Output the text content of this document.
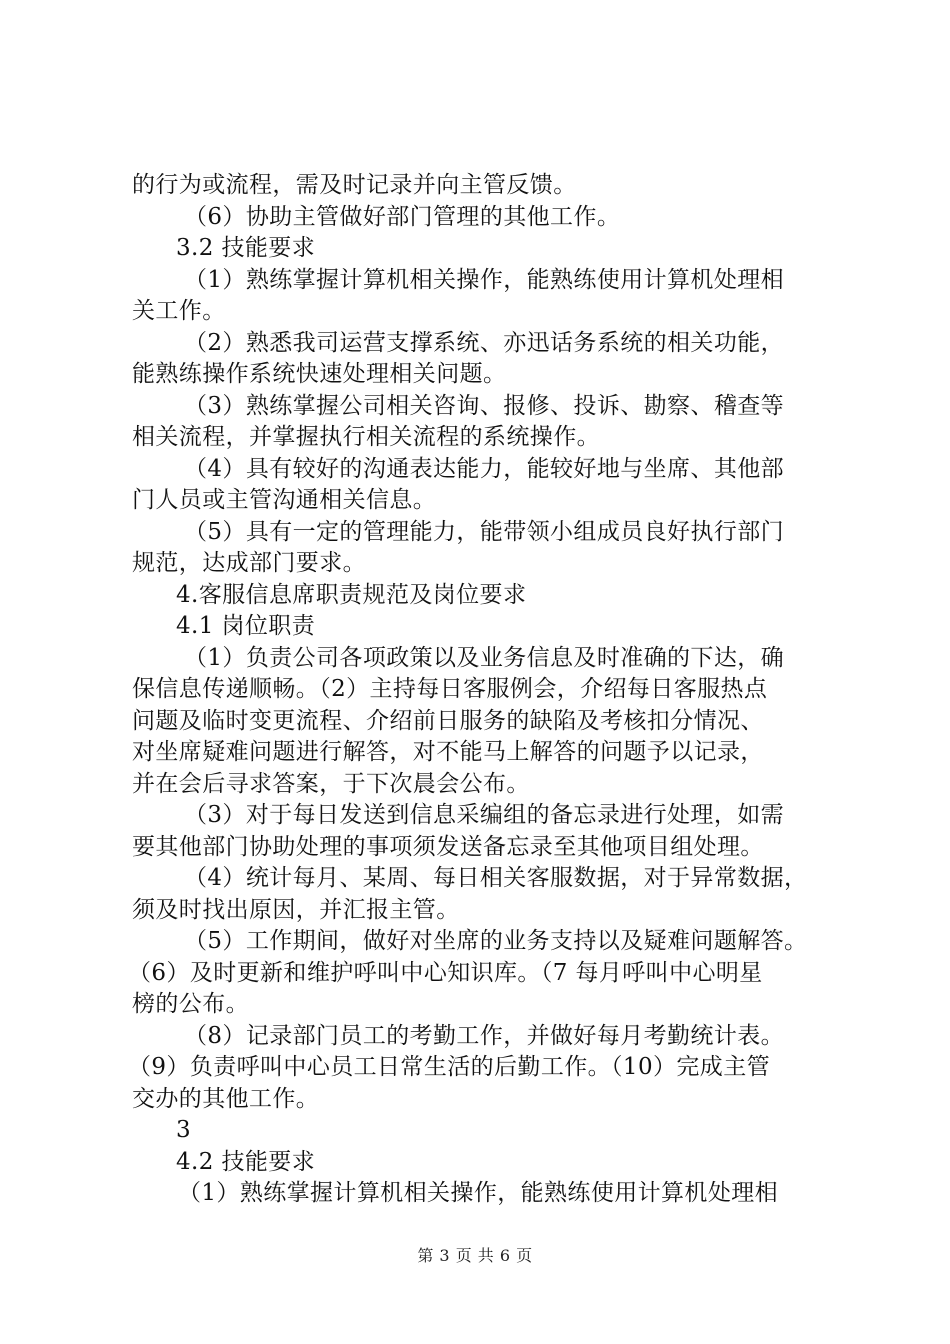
的行为或流程，需及时记录并向主管反馈。
（6）协助主管做好部门管理的其他工作。
3.2 技能要求
（1）熟练掌握计算机相关操作，能熟练使用计算机处理相
关工作。
（2）熟悉我司运营支撑系统、亦迅话务系统的相关功能，
能熟练操作系统快速处理相关问题。
（3）熟练掌握公司相关咨询、报修、投诉、勘察、稽查等
相关流程，并掌握执行相关流程的系统操作。
（4）具有较好的沟通表达能力，能较好地与坐席、其他部
门人员或主管沟通相关信息。
（5）具有一定的管理能力，能带领小组成员良好执行部门
规范，达成部门要求。
4.客服信息席职责规范及岗位要求
4.1 岗位职责
（1）负责公司各项政策以及业务信息及时准确的下达，确
保信息传递顺畅。（2）主持每日客服例会，介绍每日客服热点
问题及临时变更流程、介绍前日服务的缺陷及考核扣分情况、
对坐席疑难问题进行解答，对不能马上解答的问题予以记录，
并在会后寻求答案，于下次晨会公布。
（3）对于每日发送到信息采编组的备忘录进行处理，如需
要其他部门协助处理的事项须发送备忘录至其他项目组处理。
（4）统计每月、某周、每日相关客服数据，对于异常数据，
须及时找出原因，并汇报主管。
（5）工作期间，做好对坐席的业务支持以及疑难问题解答。
（6）及时更新和维护呼叫中心知识库。（7 每月呼叫中心明星
榜的公布。
（8）记录部门员工的考勤工作，并做好每月考勤统计表。
（9）负责呼叫中心员工日常生活的后勤工作。（10）完成主管
交办的其他工作。
3
4.2 技能要求
（1）熟练掌握计算机相关操作，能熟练使用计算机处理相
第 3 页 共 6 页
